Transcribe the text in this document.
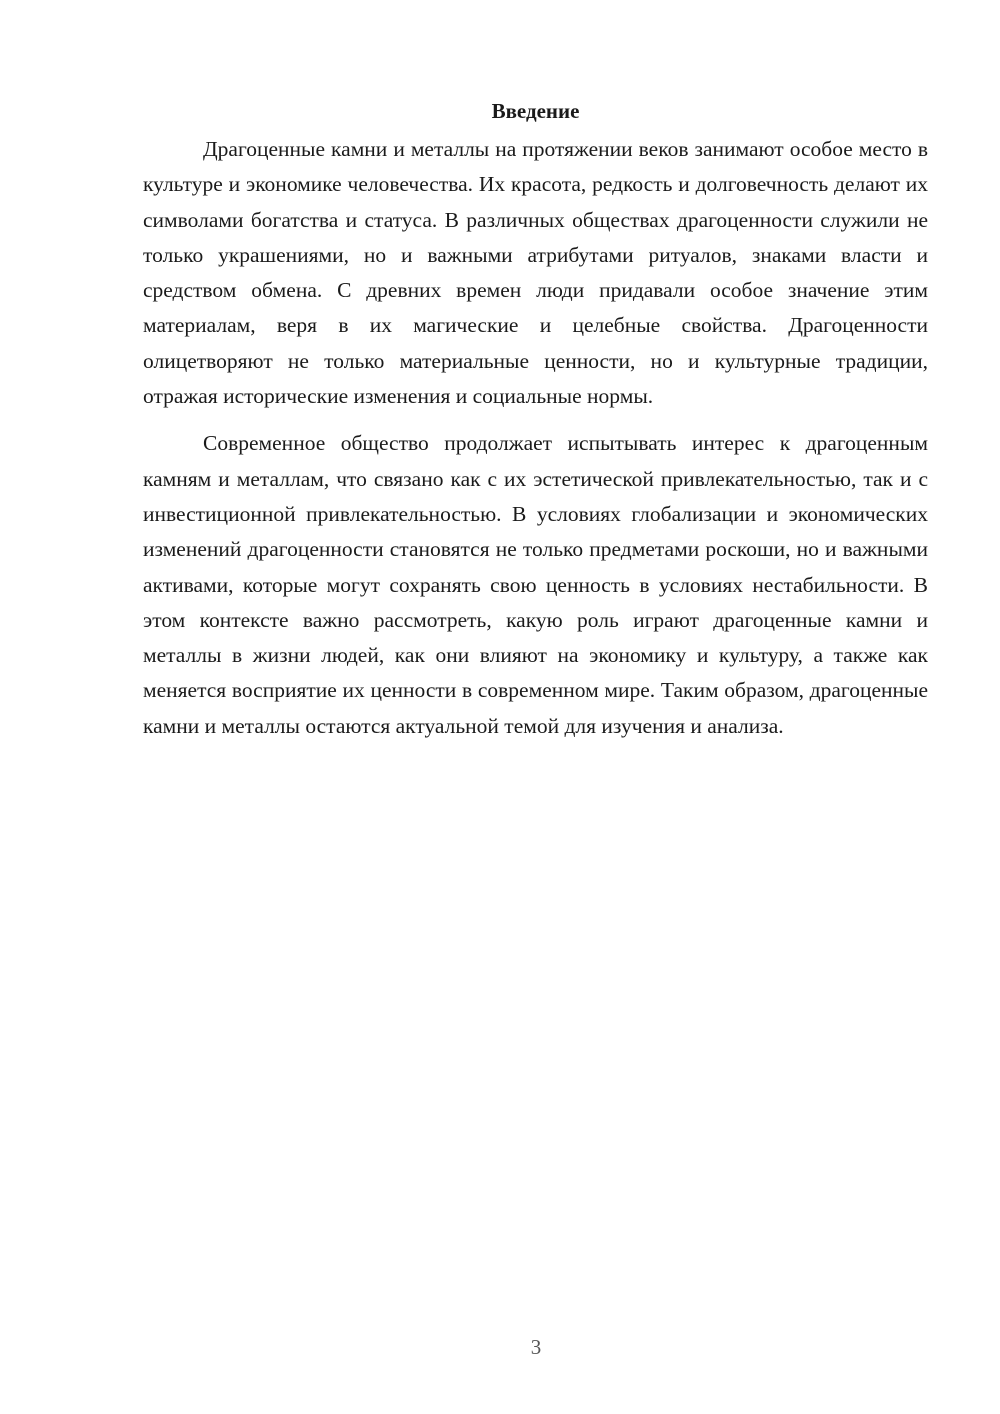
Введение

Драгоценные камни и металлы на протяжении веков занимают особое место в культуре и экономике человечества. Их красота, редкость и долговечность делают их символами богатства и статуса. В различных обществах драгоценности служили не только украшениями, но и важными атрибутами ритуалов, знаками власти и средством обмена. С древних времен люди придавали особое значение этим материалам, веря в их магические и целебные свойства. Драгоценности олицетворяют не только материальные ценности, но и культурные традиции, отражая исторические изменения и социальные нормы.

Современное общество продолжает испытывать интерес к драгоценным камням и металлам, что связано как с их эстетической привлекательностью, так и с инвестиционной привлекательностью. В условиях глобализации и экономических изменений драгоценности становятся не только предметами роскоши, но и важными активами, которые могут сохранять свою ценность в условиях нестабильности. В этом контексте важно рассмотреть, какую роль играют драгоценные камни и металлы в жизни людей, как они влияют на экономику и культуру, а также как меняется восприятие их ценности в современном мире. Таким образом, драгоценные камни и металлы остаются актуальной темой для изучения и анализа.

3
